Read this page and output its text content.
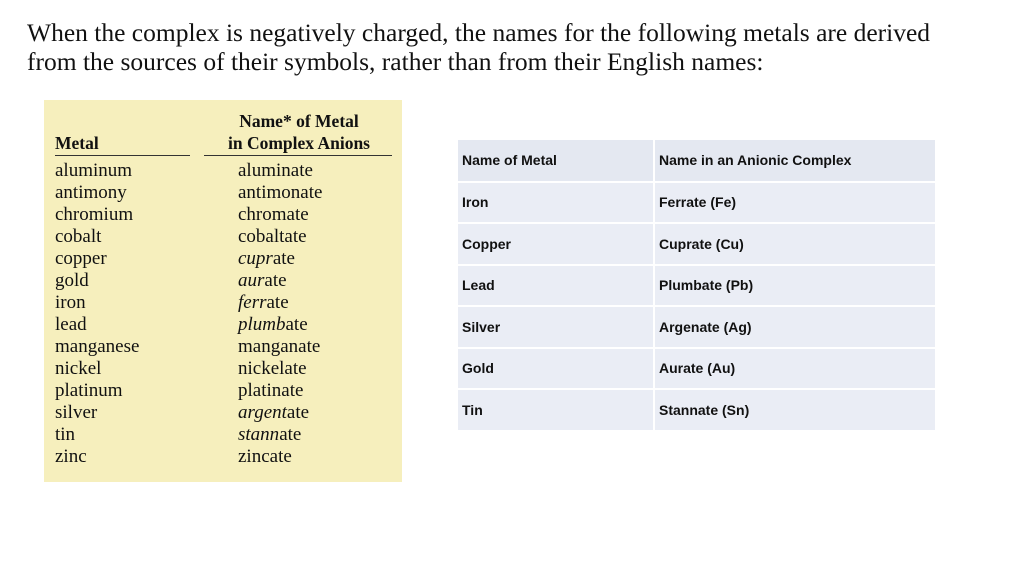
When the complex is negatively charged, the names for the following metals are derived
from the sources of their symbols, rather than from their English names:

Metal
Name* of Metal
in Complex Anions
aluminum	aluminate
antimony	antimonate
chromium	chromate
cobalt	cobaltate
copper	cuprate
gold	aurate
iron	ferrate
lead	plumbate
manganese	manganate
nickel	nickelate
platinum	platinate
silver	argentate
tin	stannate
zinc	zincate
Name of Metal	Name in an Anionic Complex
Iron	Ferrate (Fe)
Copper	Cuprate (Cu)
Lead	Plumbate (Pb)
Silver	Argenate (Ag)
Gold	Aurate (Au)
Tin	Stannate (Sn)
